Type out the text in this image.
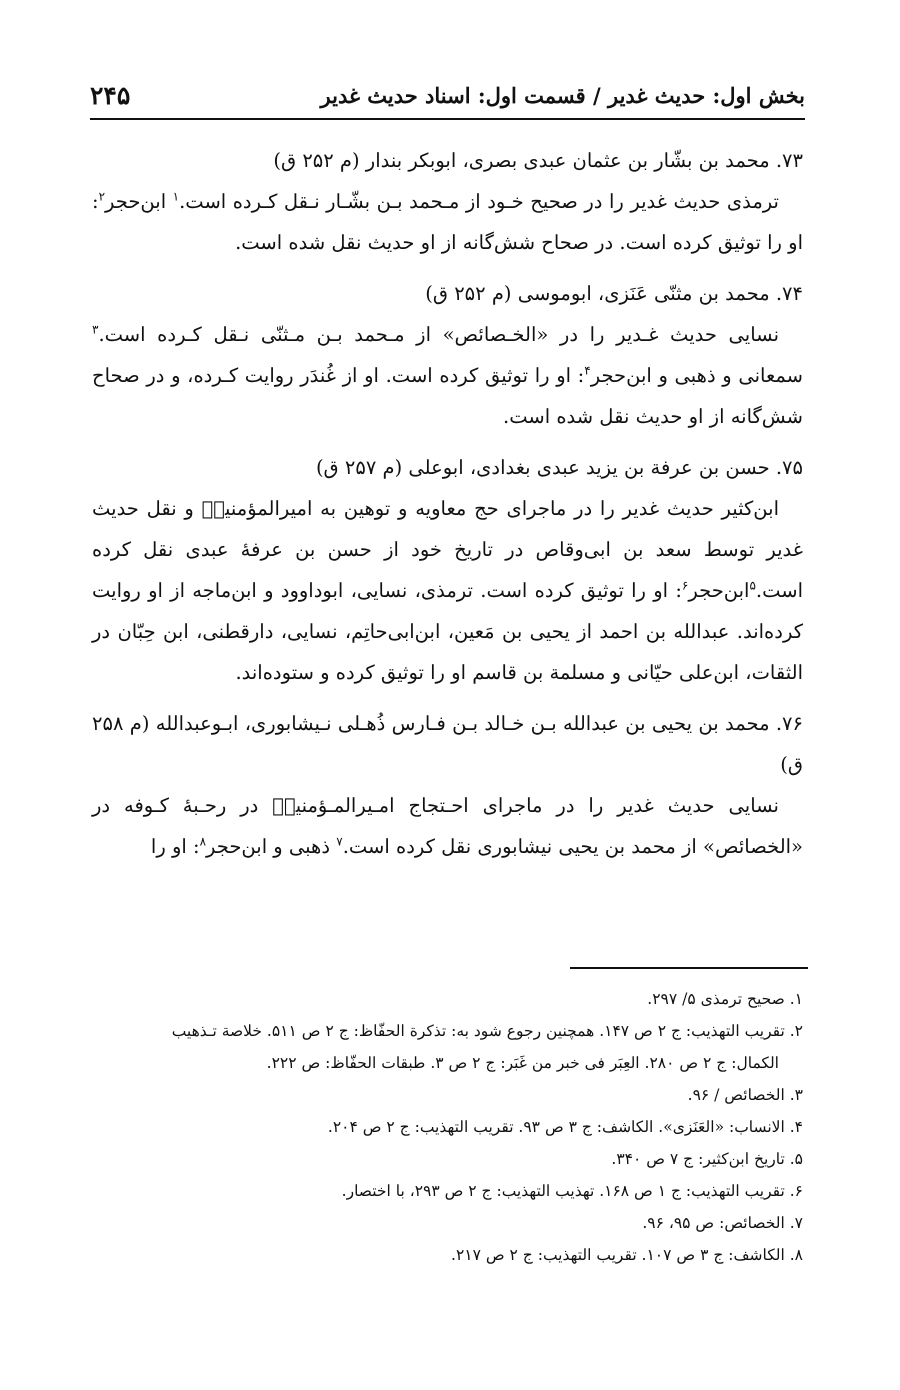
بخش اول: حدیث غدیر / قسمت اول: اسناد حدیث غدیر
۲۴۵

۷۳. محمد بن بشّار بن عثمان عبدی بصری، ابوبکر بندار (م ۲۵۲ ق)

ترمذی حدیث غدیر را در صحیح خـود از مـحمد بـن بشّـار نـقل کـرده است.$^۱$ ابن‌حجر$^۲$: او را توثیق کرده است. در صحاح شش‌گانه از او حدیث نقل شده است.

۷۴. محمد بن مثنّی عَنَزی، ابوموسی (م ۲۵۲ ق)

نسایی حدیث غـدیر را در «الخـصائص» از مـحمد بـن مـثنّی نـقل کـرده است.$^۳$ سمعانی و ذهبی و ابن‌حجر$^۴$: او را توثیق کرده است. او از غُندَر روایت کـرده، و در صحاح شش‌گانه از او حدیث نقل شده است.

۷۵. حسن بن عرفة بن یزید عبدی بغدادی، ابوعلی (م ۲۵۷ ق)

ابن‌کثیر حدیث غدیر را در ماجرای حج معاویه و توهین به امیرالمؤمنینؔ و نقل حدیث غدیر توسط سعد بن ابی‌وقاص در تاریخ خود از حسن بن عرفهٔ عبدی نقل کرده است.$^۵$ابن‌حجر$^۶$: او را توثیق کرده است. ترمذی، نسایی، ابوداوود و ابن‌ماجه از او روایت کرده‌اند. عبدالله بن احمد از یحیی بن مَعین، ابن‌ابی‌حاتِم، نسایی، دارقطنی، ابن حِبّان در الثقات، ابن‌علی حیّانی و مسلمة بن قاسم او را توثیق کرده و ستوده‌اند.

۷۶. محمد بن یحیی بن عبدالله بـن خـالد بـن فـارس ذُهـلی نـیشابوری، ابـوعبدالله (م ۲۵۸ ق)

نسایی حدیث غدیر را در ماجرای احـتجاج امـیرالمـؤمنینؔ در رحـبهٔ کـوفه در «الخصائص» از محمد بن یحیی نیشابوری نقل کرده است.$^۷$ ذهبی و ابن‌حجر$^۸$: او را

۱. صحیح ترمذی ۵/ ۲۹۷.

۲. تقریب التهذیب: ج ۲ ص ۱۴۷. همچنین رجوع شود به: تذکرة الحفّاظ: ج ۲ ص ۵۱۱. خلاصة تـذهیب
الکمال: ج ۲ ص ۲۸۰. العِبَر فی خبر من غَبَر: ج ۲ ص ۳. طبقات الحفّاظ: ص ۲۲۲.

۳. الخصائص / ۹۶.

۴. الانساب: «العَنَزی». الکاشف: ج ۳ ص ۹۳. تقریب التهذیب: ج ۲ ص ۲۰۴.

۵. تاریخ ابن‌کثیر: ج ۷ ص ۳۴۰.

۶. تقریب التهذیب: ج ۱ ص ۱۶۸. تهذیب التهذیب: ج ۲ ص ۲۹۳، با اختصار.

۷. الخصائص: ص ۹۵، ۹۶.

۸. الکاشف: ج ۳ ص ۱۰۷. تقریب التهذیب: ج ۲ ص ۲۱۷.
